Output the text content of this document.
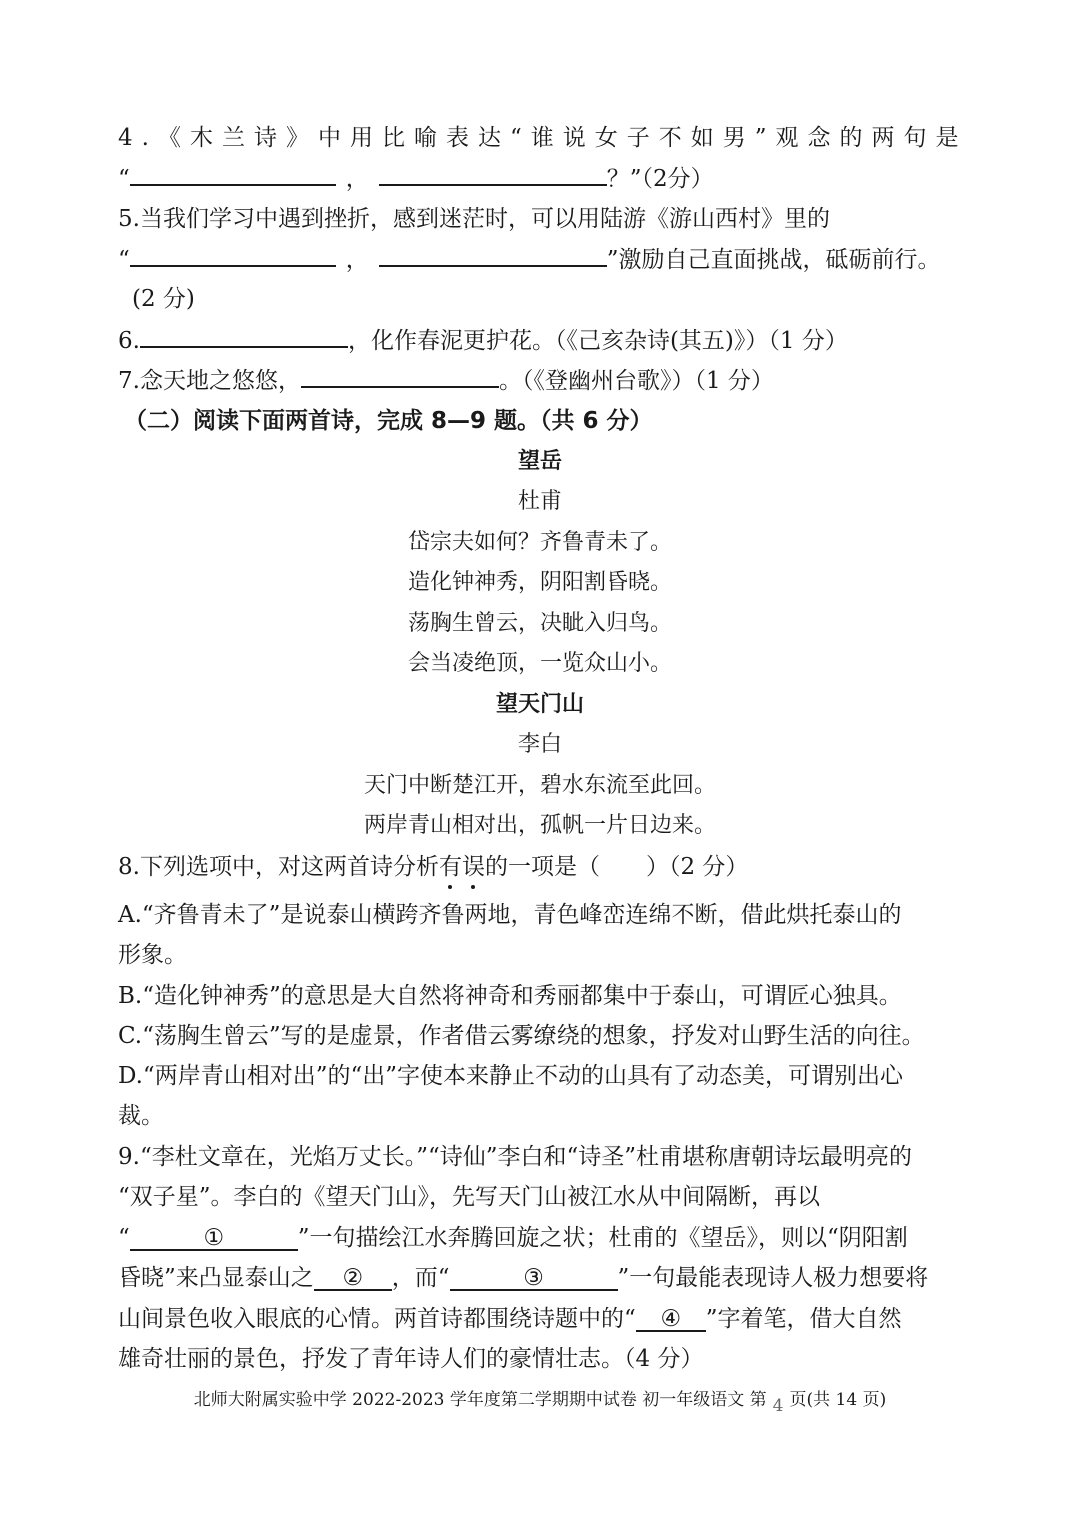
4.《木兰诗》中用比喻表达“谁说女子不如男”观念的两句是
“	，	？”（2分）
5.当我们学习中遇到挫折，感到迷茫时，可以用陆游《游山西村》里的
“	，	”激励自己直面挑战，砥砺前行。
(2 分)
6.	，化作春泥更护花。（《己亥杂诗(其五)》）（1 分）
7.念天地之悠悠，	。（《登幽州台歌》）（1 分）
（二）阅读下面两首诗，完成 8—9 题。（共 6 分）
望岳
杜甫
岱宗夫如何？齐鲁青未了。
造化钟神秀，阴阳割昏晓。
荡胸生曾云，决眦入归鸟。
会当凌绝顶，一览众山小。
望天门山
李白
天门中断楚江开，碧水东流至此回。
两岸青山相对出，孤帆一片日边来。
8.下列选项中，对这两首诗分析有误的一项是（　　）（2 分）
A.“齐鲁青未了”是说泰山横跨齐鲁两地，青色峰峦连绵不断，借此烘托泰山的
形象。
B.“造化钟神秀”的意思是大自然将神奇和秀丽都集中于泰山，可谓匠心独具。
C.“荡胸生曾云”写的是虚景，作者借云雾缭绕的想象，抒发对山野生活的向往。
D.“两岸青山相对出”的“出”字使本来静止不动的山具有了动态美，可谓别出心
裁。
9.“李杜文章在，光焰万丈长。”“诗仙”李白和“诗圣”杜甫堪称唐朝诗坛最明亮的
“双子星”。李白的《望天门山》，先写天门山被江水从中间隔断，再以
“	①	”一句描绘江水奔腾回旋之状；杜甫的《望岳》，则以“阴阳割
昏晓”来凸显泰山之 ② ，而“	③	”一句最能表现诗人极力想要将
山间景色收入眼底的心情。两首诗都围绕诗题中的“ ④ ”字着笔，借大自然
雄奇壮丽的景色，抒发了青年诗人们的豪情壮志。（4 分）
北师大附属实验中学 2022-2023 学年度第二学期期中试卷 初一年级语文 第 4 页(共 14 页)
